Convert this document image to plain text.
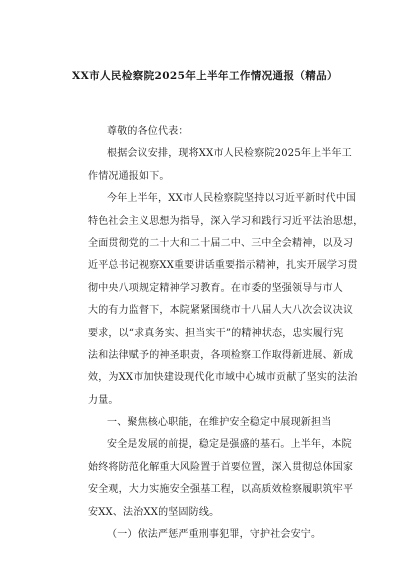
XX市人民检察院2025年上半年工作情况通报（精品）
尊敬的各位代表：
根据会议安排，现将XX市人民检察院2025年上半年工
作情况通报如下。
今年上半年，XX市人民检察院坚持以习近平新时代中国
特色社会主义思想为指导，深入学习和践行习近平法治思想，
全面贯彻党的二十大和二十届二中、三中全会精神，以及习
近平总书记视察XX重要讲话重要指示精神，扎实开展学习贯
彻中央八项规定精神学习教育。在市委的坚强领导与市人
大的有力监督下，本院紧紧围绕市十八届人大八次会议决议
要求，以“求真务实、担当实干”的精神状态，忠实履行宪
法和法律赋予的神圣职责，各项检察工作取得新进展、新成
效，为XX市加快建设现代化市域中心城市贡献了坚实的法治
力量。
一、聚焦核心职能，在维护安全稳定中展现新担当
安全是发展的前提，稳定是强盛的基石。上半年，本院
始终将防范化解重大风险置于首要位置，深入贯彻总体国家
安全观，大力实施安全强基工程，以高质效检察履职筑牢平
安XX、法治XX的坚固防线。
（一）依法严惩严重刑事犯罪，守护社会安宁。
